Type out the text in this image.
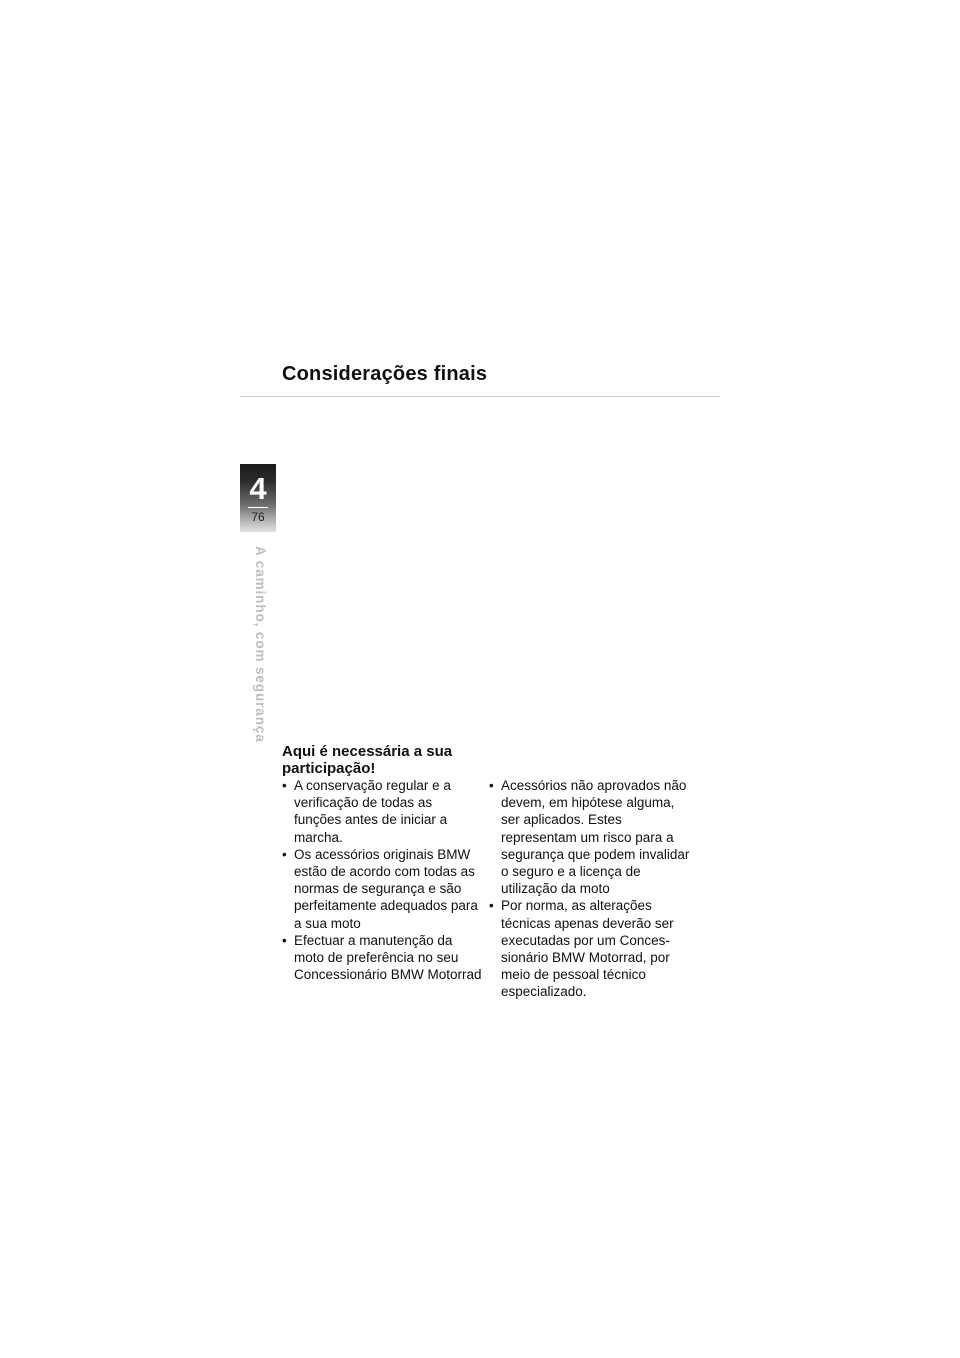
Considerações finais
4
76
A caminho, com segurança
Aqui é necessária a sua participação!
• A conservação regular e a verificação de todas as funções antes de iniciar a marcha.
• Os acessórios originais BMW estão de acordo com todas as normas de segurança e são perfeitamente adequados para a sua moto
• Efectuar a manutenção da moto de preferência no seu Concessionário BMW Motorrad
• Acessórios não aprovados não devem, em hipótese alguma, ser aplicados. Estes representam um risco para a segurança que podem invalidar o seguro e a licença de utilização da moto
• Por norma, as alterações técnicas apenas deverão ser executadas por um Concessionário BMW Motorrad, por meio de pessoal técnico especializado.
